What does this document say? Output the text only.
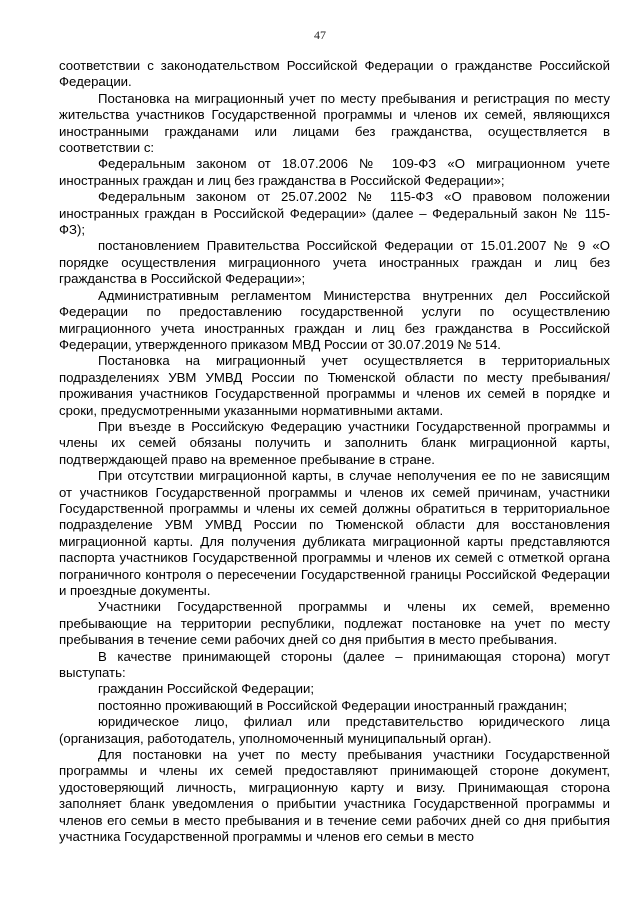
47

соответствии с законодательством Российской Федерации о гражданстве Российской Федерации.

Постановка на миграционный учет по месту пребывания и регистрация по месту жительства участников Государственной программы и членов их семей, являющихся иностранными гражданами или лицами без гражданства, осуществляется в соответствии с:

Федеральным законом от 18.07.2006 № 109-ФЗ «О миграционном учете иностранных граждан и лиц без гражданства в Российской Федерации»;

Федеральным законом от 25.07.2002 № 115-ФЗ «О правовом положении иностранных граждан в Российской Федерации» (далее – Федеральный закон № 115-ФЗ);

постановлением Правительства Российской Федерации от 15.01.2007 № 9 «О порядке осуществления миграционного учета иностранных граждан и лиц без гражданства в Российской Федерации»;

Административным регламентом Министерства внутренних дел Российской Федерации по предоставлению государственной услуги по осуществлению миграционного учета иностранных граждан и лиц без гражданства в Российской Федерации, утвержденного приказом МВД России от 30.07.2019 № 514.

Постановка на миграционный учет осуществляется в территориальных подразделениях УВМ УМВД России по Тюменской области по месту пребывания/проживания участников Государственной программы и членов их семей в порядке и сроки, предусмотренными указанными нормативными актами.

При въезде в Российскую Федерацию участники Государственной программы и члены их семей обязаны получить и заполнить бланк миграционной карты, подтверждающей право на временное пребывание в стране.

При отсутствии миграционной карты, в случае неполучения ее по не зависящим от участников Государственной программы и членов их семей причинам, участники Государственной программы и члены их семей должны обратиться в территориальное подразделение УВМ УМВД России по Тюменской области для восстановления миграционной карты. Для получения дубликата миграционной карты представляются паспорта участников Государственной программы и членов их семей с отметкой органа пограничного контроля о пересечении Государственной границы Российской Федерации и проездные документы.

Участники Государственной программы и члены их семей, временно пребывающие на территории республики, подлежат постановке на учет по месту пребывания в течение семи рабочих дней со дня прибытия в место пребывания.

В качестве принимающей стороны (далее – принимающая сторона) могут выступать:

гражданин Российской Федерации;

постоянно проживающий в Российской Федерации иностранный гражданин;

юридическое лицо, филиал или представительство юридического лица (организация, работодатель, уполномоченный муниципальный орган).

Для постановки на учет по месту пребывания участники Государственной программы и члены их семей предоставляют принимающей стороне документ, удостоверяющий личность, миграционную карту и визу. Принимающая сторона заполняет бланк уведомления о прибытии участника Государственной программы и членов его семьи в место пребывания и в течение семи рабочих дней со дня прибытия участника Государственной программы и членов его семьи в место
